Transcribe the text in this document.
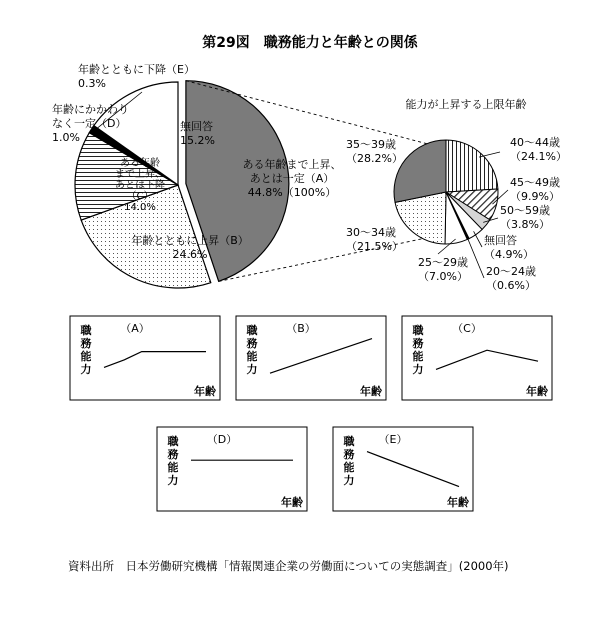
第29図　職務能力と年齢との関係
ある年齢まで上昇、あとは一定（A） 44.8%（100%）
年齢とともに上昇（B） 24.6%
ある年齢まで上昇、あとは下降（C） 14.0%
年齢にかかわりなく一定（D） 1.0%
年齢とともに下降（E） 0.3%
無回答 15.2%
能力が上昇する上限年齢
40～44歳（24.1%）
45～49歳（9.9%）
50～59歳（3.8%）
無回答（4.9%）
20～24歳（0.6%）
25～29歳（7.0%）
30～34歳（21.5%）
35～39歳（28.2%）
職務能力
（A）
年齢
職務能力
（B）
年齢
職務能力
（C）
年齢
職務能力
（D）
年齢
職務能力
（E）
年齢
資料出所　日本労働研究機構「情報関連企業の労働面についての実態調査」(2000年)
